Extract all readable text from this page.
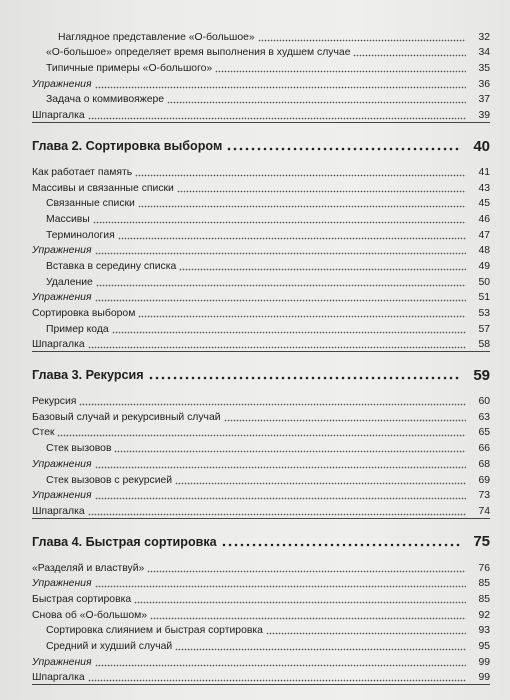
Наглядное представление «О-большое»	32
«О-большое» определяет время выполнения в худшем случае	34
Типичные примеры «О-большого»	35
Упражнения	36
Задача о коммивояжере	37
Шпаргалка	39
Глава 2. Сортировка выбором	40
Как работает память	41
Массивы и связанные списки	43
Связанные списки	45
Массивы	46
Терминология	47
Упражнения	48
Вставка в середину списка	49
Удаление	50
Упражнения	51
Сортировка выбором	53
Пример кода	57
Шпаргалка	58
Глава 3. Рекурсия	59
Рекурсия	60
Базовый случай и рекурсивный случай	63
Стек	65
Стек вызовов	66
Упражнения	68
Стек вызовов с рекурсией	69
Упражнения	73
Шпаргалка	74
Глава 4. Быстрая сортировка	75
«Разделяй и властвуй»	76
Упражнения	85
Быстрая сортировка	85
Снова об «О-большом»	92
Сортировка слиянием и быстрая сортировка	93
Средний и худший случай	95
Упражнения	99
Шпаргалка	99
